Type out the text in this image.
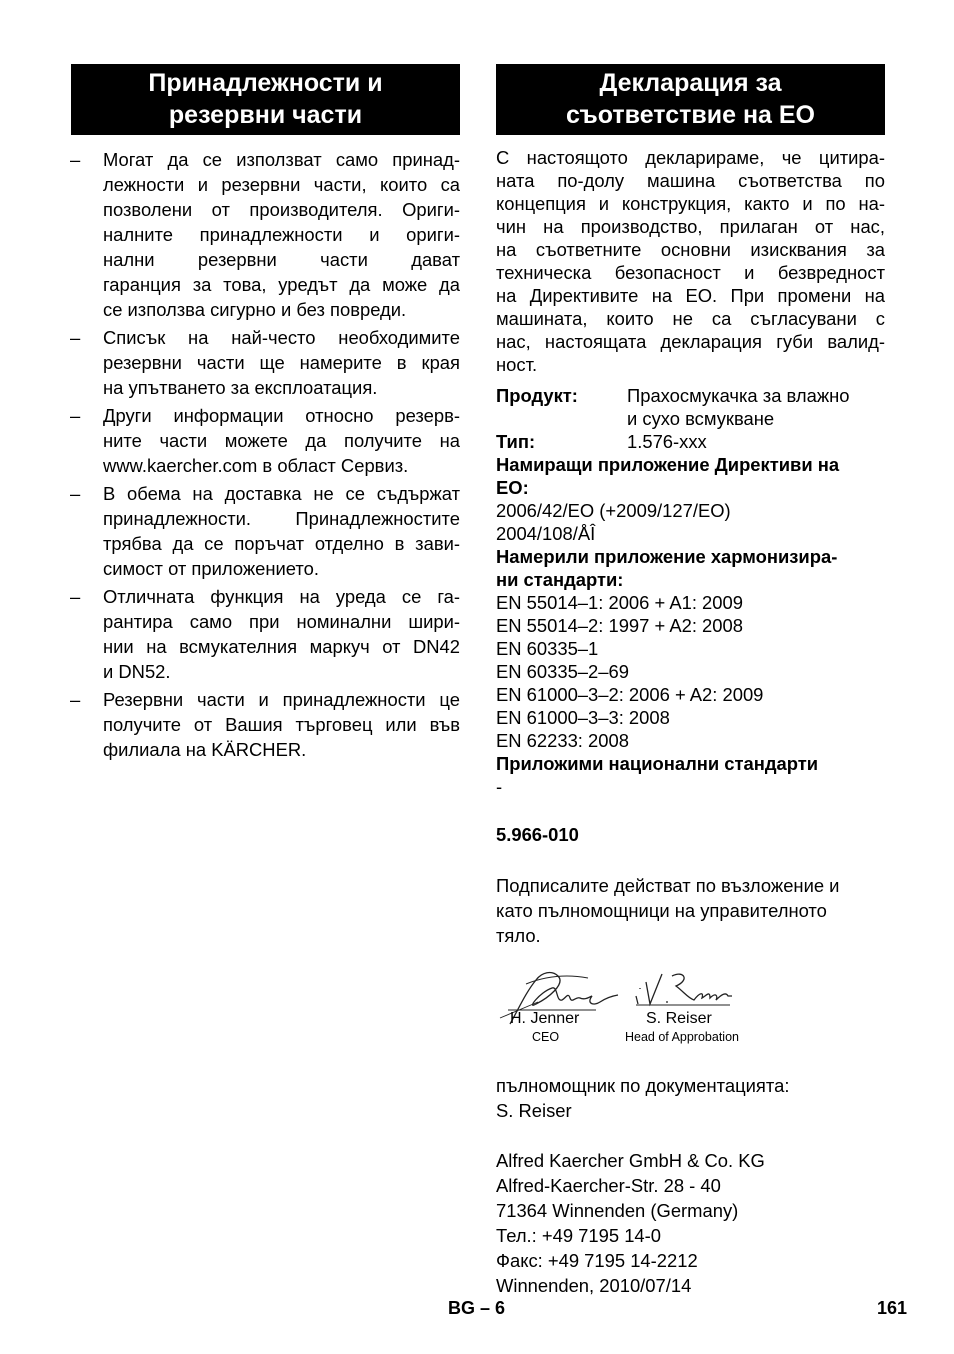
Принадлежности и
резервни части
– Могат да се използват само принад-
лежности и резервни части, които са
позволени от производителя. Ориги-
налните принадлежности и ориги-
нални резервни части дават
гаранция за това, уредът да може да
се използва сигурно и без повреди.
– Списък на най-често необходимите
резервни части ще намерите в края
на упътването за експлоатация.
– Други информации относно резерв-
ните части можете да получите на
www.kaercher.com в област Сервиз.
– В обема на доставка не се съдържат
принадлежности. Принадлежностите
трябва да се поръчат отделно в зави-
симост от приложението.
– Отличната функция на уреда се га-
рантира само при номинални шири-
нии на всмукателния маркуч от DN42
и DN52.
– Резервни части и принадлежности це
получите от Вашия търговец или във
филиала на KÄRCHER.
Декларация за
съответствие на ЕО
С настоящото декларираме, че цитира-
ната по-долу машина съответства по
концепция и конструкция, както и по на-
чин на производство, прилаган от нас,
на съответните основни изисквания за
техническа безопасност и безвредност
на Директивите на ЕО. При промени на
машината, които не са съгласувани с
нас, настоящата декларация губи валид-
ност.
Продукт:	Прахосмукачка за влажно
и сухо всмукване
Тип:	1.576-xxx
Намиращи приложение Директиви на
ЕО:
2006/42/EO (+2009/127/EO)
2004/108/ÅÎ
Намерили приложение хармонизира-
ни стандарти:
EN 55014–1: 2006 + A1: 2009
EN 55014–2: 1997 + A2: 2008
EN 60335–1
EN 60335–2–69
EN 61000–3–2: 2006 + A2: 2009
EN 61000–3–3: 2008
EN 62233: 2008
Приложими национални стандарти
-
5.966-010
Подписалите действат по възложение и
като пълномощници на управителното
тяло.
H. Jenner
CEO
S. Reiser
Head of Approbation
пълномощник по документацията:
S. Reiser
Alfred Kaercher GmbH & Co. KG
Alfred-Kaercher-Str. 28 - 40
71364 Winnenden (Germany)
Тел.: +49 7195 14-0
Факс: +49 7195 14-2212
Winnenden, 2010/07/14
BG – 6	161
